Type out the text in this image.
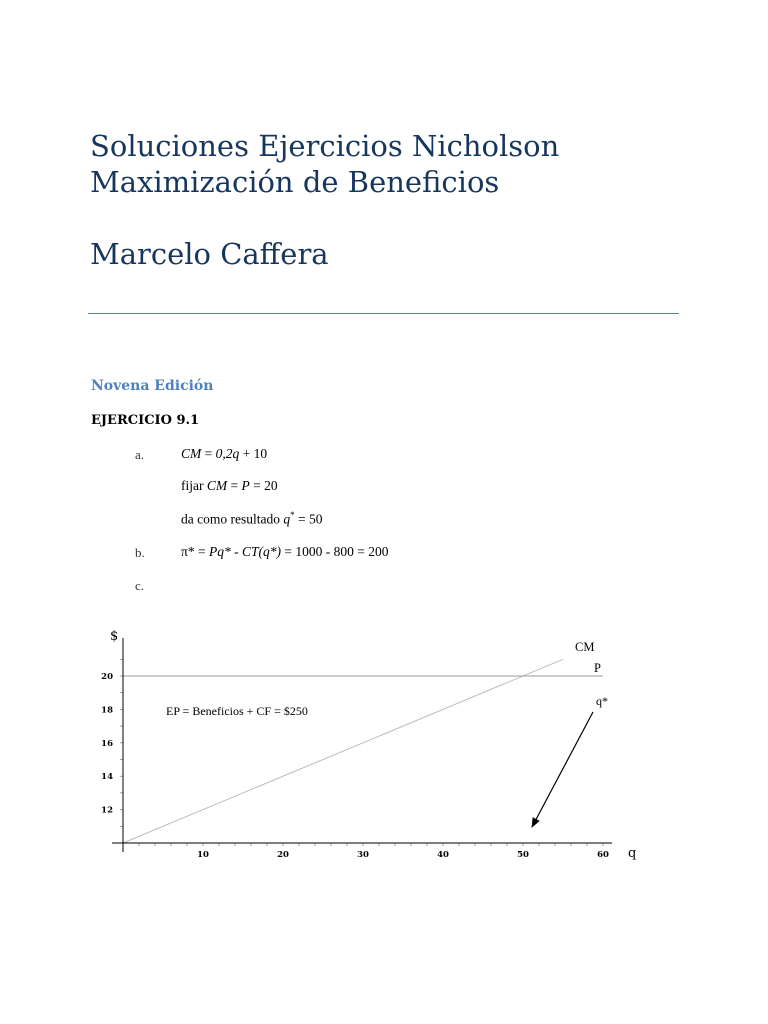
Soluciones Ejercicios Nicholson
Maximización de Beneficios
Marcelo Caffera
Novena Edición
EJERCICIO 9.1
a.	CM = 0,2q + 10
fijar CM = P = 20
da como resultado q* = 50
b.	π* = Pq* - CT(q*) = 1000 - 800 = 200
c.
10	20	30	40	50	60
12
14
16
18
20
$
q
CM
P
q*
EP = Beneficios + CF = $250
